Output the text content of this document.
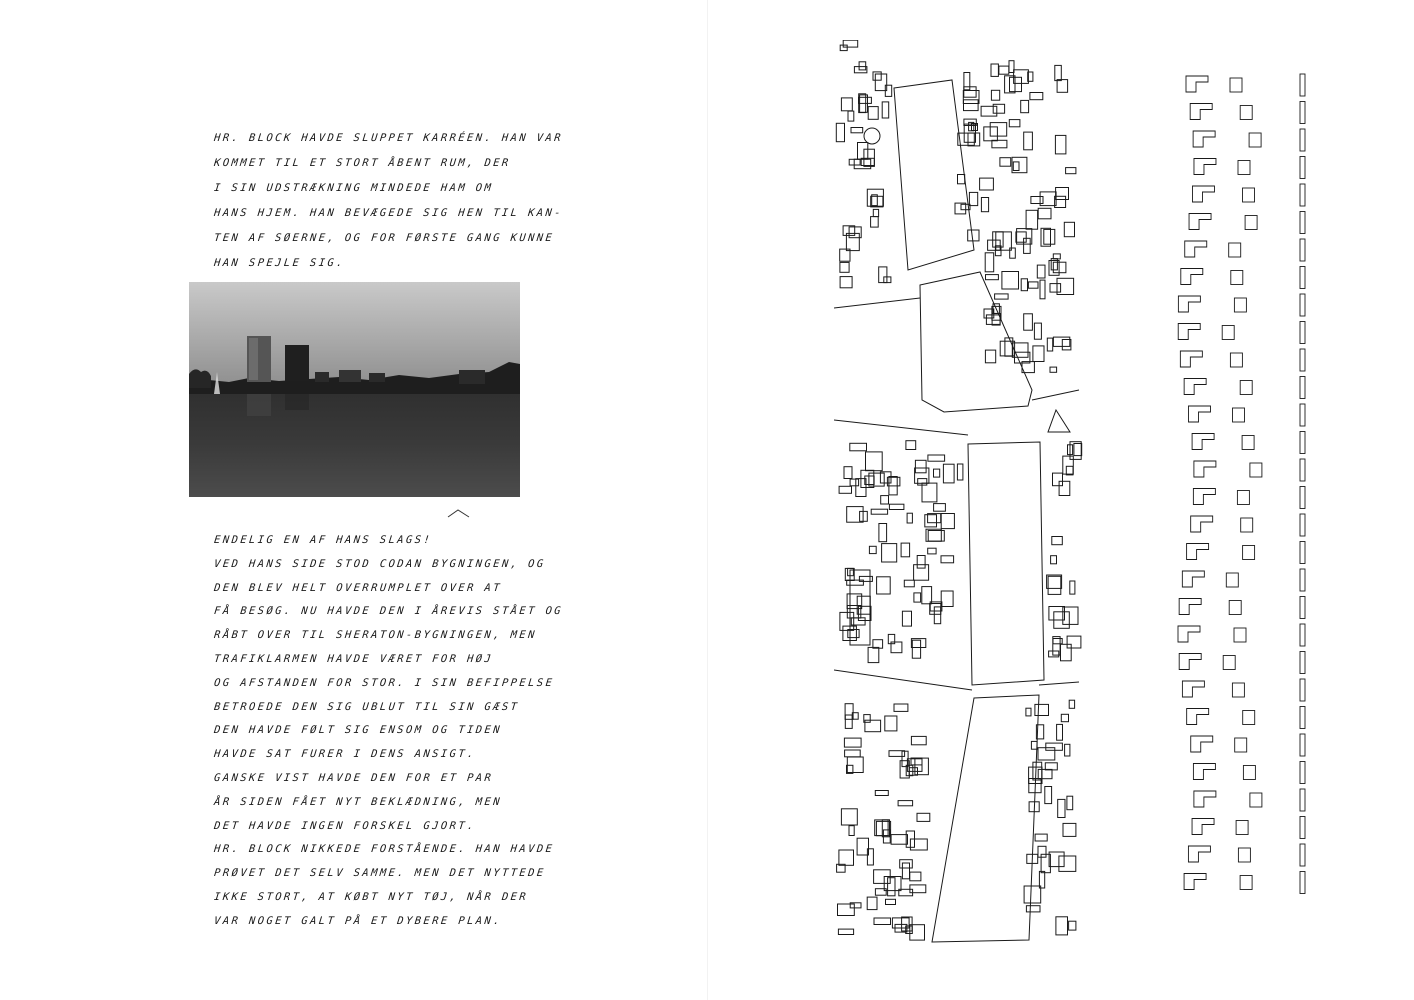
HR. BLOCK HAVDE SLUPPET KARRÉEN. HAN VAR
KOMMET TIL ET STORT ÅBENT RUM, DER
I SIN UDSTRÆKNING MINDEDE HAM OM
HANS HJEM. HAN BEVÆGEDE SIG HEN TIL KAN-
TEN AF SØERNE, OG FOR FØRSTE GANG KUNNE
HAN SPEJLE SIG.
ENDELIG EN AF HANS SLAGS!
VED HANS SIDE STOD CODAN BYGNINGEN, OG
DEN BLEV HELT OVERRUMPLET OVER AT
FÅ BESØG. NU HAVDE DEN I ÅREVIS STÅET OG
RÅBT OVER TIL SHERATON-BYGNINGEN, MEN
TRAFIKLARMEN HAVDE VÆRET FOR HØJ
OG AFSTANDEN FOR STOR. I SIN BEFIPPELSE
BETROEDE DEN SIG UBLUT TIL SIN GÆST
DEN HAVDE FØLT SIG ENSOM OG TIDEN
HAVDE SAT FURER I DENS ANSIGT.
GANSKE VIST HAVDE DEN FOR ET PAR
ÅR SIDEN FÅET NYT BEKLÆDNING, MEN
DET HAVDE INGEN FORSKEL GJORT.
HR. BLOCK NIKKEDE FORSTÅENDE. HAN HAVDE
PRØVET DET SELV SAMME. MEN DET NYTTEDE
IKKE STORT, AT KØBT NYT TØJ, NÅR DER
VAR NOGET GALT PÅ ET DYBERE PLAN.
